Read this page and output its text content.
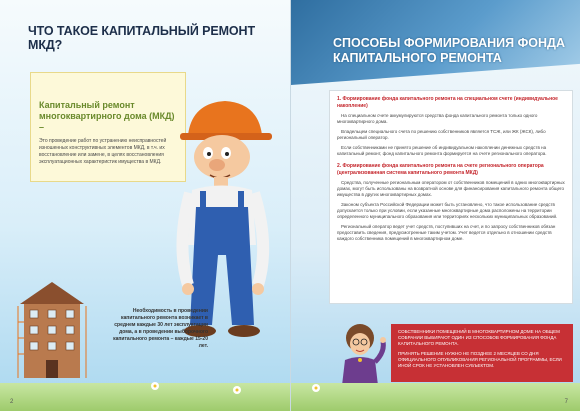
ЧТО ТАКОЕ КАПИТАЛЬНЫЙ РЕМОНТ МКД?
Капитальный ремонт многоквартирного дома (МКД) –
Это проведение работ по устранению неисправностей изношенных конструктивных элементов МКД, в т.ч. их восстановление или замене, в целях восстановления эксплуатационных характеристик имущества в МКД.
Необходимость в проведении капитального ремонта возникает в среднем каждые 30 лет эксплуатации дома, а в проведении выборочного капитального ремонта – каждые 15-20 лет.
2
СПОСОБЫ ФОРМИРОВАНИЯ ФОНДА КАПИТАЛЬНОГО РЕМОНТА
1. Формирование фонда капитального ремонта на специальном счете (индивидуальное накопление)
На специальном счете аккумулируются средства фонда капитального ремонта только одного многоквартирного дома.
Владельцем специального счета по решению собственников является ТСЖ, или ЖК (ЖСК), либо региональный оператор.
Если собственниками не принято решение об индивидуальном накоплении денежных средств на капитальный ремонт, фонд капитального ремонта формируется на счете регионального оператора.
2. Формирование фонда капитального ремонта на счете регионального оператора (централизованная система капитального ремонта МКД)
Средства, полученные региональным оператором от собственников помещений в одних многоквартирных домах, могут быть использованы на возвратной основе для финансирования капитального ремонта общего имущества в других многоквартирных домах.
Законом субъекта Российской Федерации может быть установлено, что такое использование средств допускается только при условии, если указанные многоквартирные дома расположены на территории определенного муниципального образования или территориях нескольких муниципальных образований.
Региональный оператор ведет учет средств, поступивших на счет, и по запросу собственников обязан предоставить сведения, предусмотренные таким учетом. Учет ведется отдельно в отношении средств каждого собственника помещений в многоквартирном доме.
СОБСТВЕННИКИ ПОМЕЩЕНИЙ В МНОГОКВАРТИРНОМ ДОМЕ НА ОБЩЕМ СОБРАНИИ ВЫБИРАЮТ ОДИН ИЗ СПОСОБОВ ФОРМИРОВАНИЯ ФОНДА КАПИТАЛЬНОГО РЕМОНТА.
ПРИНЯТЬ РЕШЕНИЕ НУЖНО НЕ ПОЗДНЕЕ 2 МЕСЯЦЕВ СО ДНЯ ОФИЦИАЛЬНОГО ОПУБЛИКОВАНИЯ РЕГИОНАЛЬНОЙ ПРОГРАММЫ, ЕСЛИ ИНОЙ СРОК НЕ УСТАНОВЛЕН СУБЪЕКТОМ.
7
